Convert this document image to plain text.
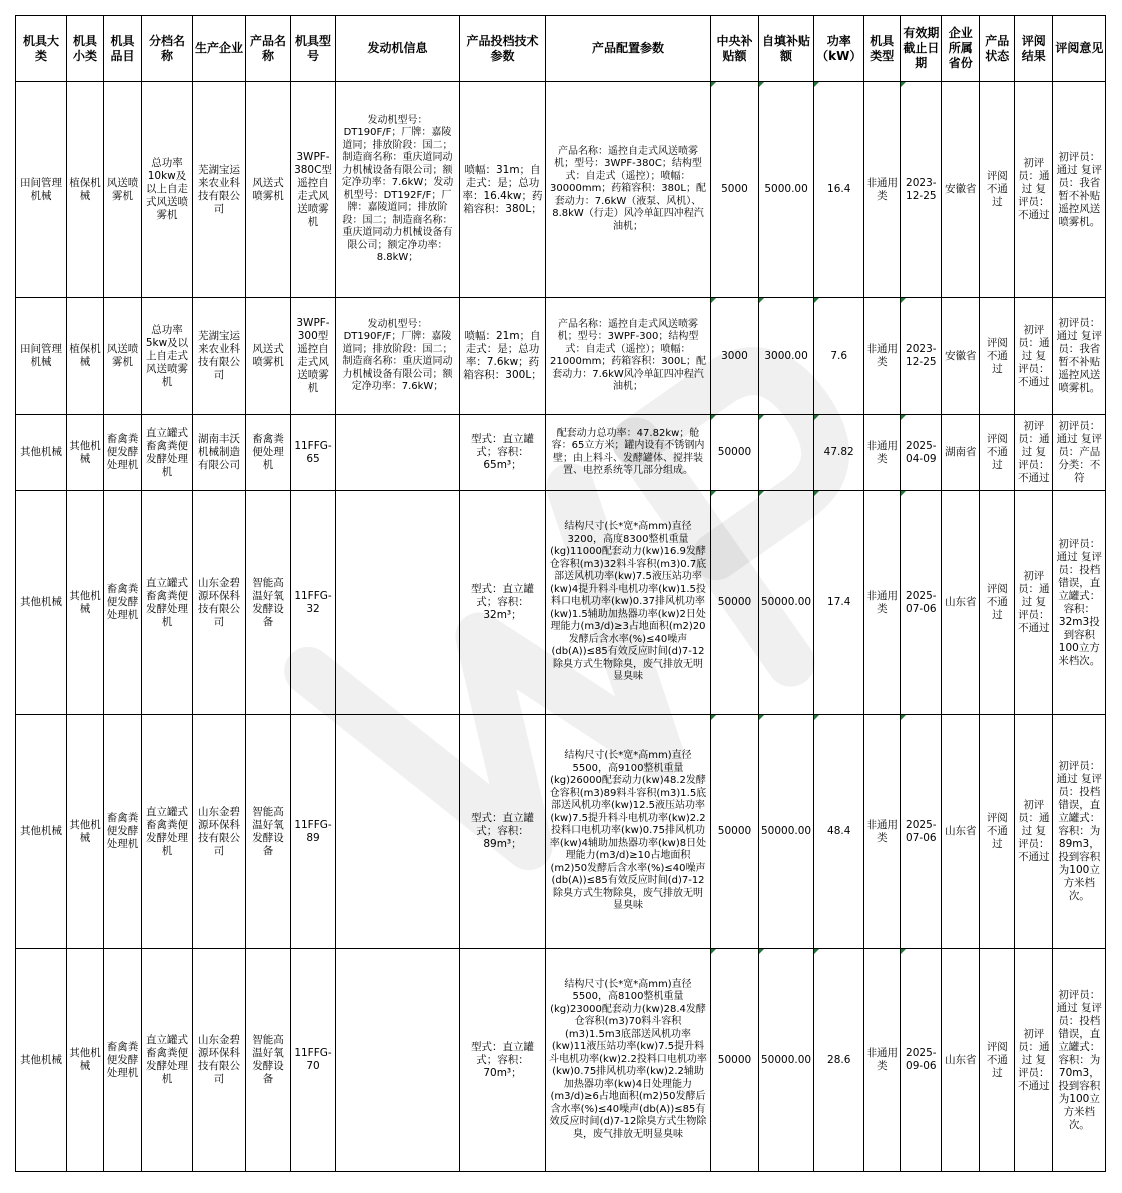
机具大类	机具小类	机具品目	分档名称	生产企业	产品名称	机具型号	发动机信息	产品投档技术参数	产品配置参数	中央补贴额	自填补贴额	功率（kW）	机具类型	有效期截止日期	企业所属省份	产品状态	评阅结果	评阅意见
田间管理机械	植保机械	风送喷雾机	总功率10kw及以上自走式风送喷雾机	芜湖宝运来农业科技有限公司	风送式喷雾机	3WPF-380C型遥控自走式风送喷雾机	发动机型号：DT190F/F；厂牌：嘉陵道同；排放阶段：国二；制造商名称：重庆道同动力机械设备有限公司；额定净功率：7.6kW；发动机型号：DT192F/F；厂牌：嘉陵道同；排放阶段：国二；制造商名称：重庆道同动力机械设备有限公司；额定净功率：8.8kW；	喷幅：31m；自走式：是；总功率：16.4kw；药箱容积：380L；	产品名称：遥控自走式风送喷雾机；型号：3WPF-380C；结构型式：自走式（遥控）；喷幅：30000mm；药箱容积：380L；配套动力：7.6kW（液泵、风机）、8.8kW（行走）风冷单缸四冲程汽油机；	5000	5000.00	16.4	非通用类	2023-12-25	安徽省	评阅不通过	初评员：通过 复评员：不通过	初评员：通过 复评员：我省暂不补贴遥控风送喷雾机。
田间管理机械	植保机械	风送喷雾机	总功率5kw及以上自走式风送喷雾机	芜湖宝运来农业科技有限公司	风送式喷雾机	3WPF-300型遥控自走式风送喷雾机	发动机型号：DT190F/F；厂牌：嘉陵道同；排放阶段：国二；制造商名称：重庆道同动力机械设备有限公司；额定净功率：7.6kW；	喷幅：21m；自走式：是；总功率：7.6kw；药箱容积：300L；	产品名称：遥控自走式风送喷雾机；型号：3WPF-300；结构型式：自走式（遥控）；喷幅：21000mm；药箱容积：300L；配套动力：7.6kW风冷单缸四冲程汽油机；	3000	3000.00	7.6	非通用类	2023-12-25	安徽省	评阅不通过	初评员：通过 复评员：不通过	初评员：通过 复评员：我省暂不补贴遥控风送喷雾机。
其他机械	其他机械	畜禽粪便发酵处理机	直立罐式畜禽粪便发酵处理机	湖南丰沃机械制造有限公司	畜禽粪便处理机	11FFG-65		型式：直立罐式；容积：65m³；	配套动力总功率：47.82kw；舱容：65立方米；罐内设有不锈钢内壁；由上料斗、发酵罐体、搅拌装置、电控系统等几部分组成。	50000		47.82	非通用类	2025-04-09	湖南省	评阅不通过	初评员：通过 复评员：不通过	初评员：通过 复评员：产品分类：不符
其他机械	其他机械	畜禽粪便发酵处理机	直立罐式畜禽粪便发酵处理机	山东金碧源环保科技有限公司	智能高温好氧发酵设备	11FFG-32		型式：直立罐式；容积：32m³；	结构尺寸(长*宽*高mm)直径3200，高度8300整机重量(kg)11000配套动力(kw)16.9发酵仓容积(m3)32料斗容积(m3)0.7底部送风机功率(kw)7.5液压站功率(kw)4提升料斗电机功率(kw)1.5投料口电机功率(kw)0.37排风机功率(kw)1.5辅助加热器功率(kw)2日处理能力(m3/d)≥3占地面积(m2)20发酵后含水率(%)≤40噪声(db(A))≤85有效反应时间(d)7-12除臭方式生物除臭，废气排放无明显臭味	50000	50000.00	17.4	非通用类	2025-07-06	山东省	评阅不通过	初评员：通过 复评员：不通过	初评员：通过 复评员：投档错误，直立罐式：容积：32m3投到容积100立方米档次。
其他机械	其他机械	畜禽粪便发酵处理机	直立罐式畜禽粪便发酵处理机	山东金碧源环保科技有限公司	智能高温好氧发酵设备	11FFG-89		型式：直立罐式；容积：89m³；	结构尺寸(长*宽*高mm)直径5500，高9100整机重量(kg)26000配套动力(kw)48.2发酵仓容积(m3)89料斗容积(m3)1.5底部送风机功率(kw)12.5液压站功率(kw)7.5提升料斗电机功率(kw)2.2投料口电机功率(kw)0.75排风机功率(kw)4辅助加热器功率(kw)8日处理能力(m3/d)≥10占地面积(m2)50发酵后含水率(%)≤40噪声(db(A))≤85有效反应时间(d)7-12除臭方式生物除臭，废气排放无明显臭味	50000	50000.00	48.4	非通用类	2025-07-06	山东省	评阅不通过	初评员：通过 复评员：不通过	初评员：通过 复评员：投档错误，直立罐式：容积：为89m3，投到容积为100立方米档次。
其他机械	其他机械	畜禽粪便发酵处理机	直立罐式畜禽粪便发酵处理机	山东金碧源环保科技有限公司	智能高温好氧发酵设备	11FFG-70		型式：直立罐式；容积：70m³；	结构尺寸(长*宽*高mm)直径5500，高8100整机重量(kg)23000配套动力(kw)28.4发酵仓容积(m3)70料斗容积(m3)1.5m3底部送风机功率(kw)11液压站功率(kw)7.5提升料斗电机功率(kw)2.2投料口电机功率(kw)0.75排风机功率(kw)2.2辅助加热器功率(kw)4日处理能力(m3/d)≥6占地面积(m2)50发酵后含水率(%)≤40噪声(db(A))≤85有效反应时间(d)7-12除臭方式生物除臭，废气排放无明显臭味	50000	50000.00	28.6	非通用类	2025-09-06	山东省	评阅不通过	初评员：通过 复评员：不通过	初评员：通过 复评员：投档错误，直立罐式：容积：为70m3，投到容积为100立方米档次。
